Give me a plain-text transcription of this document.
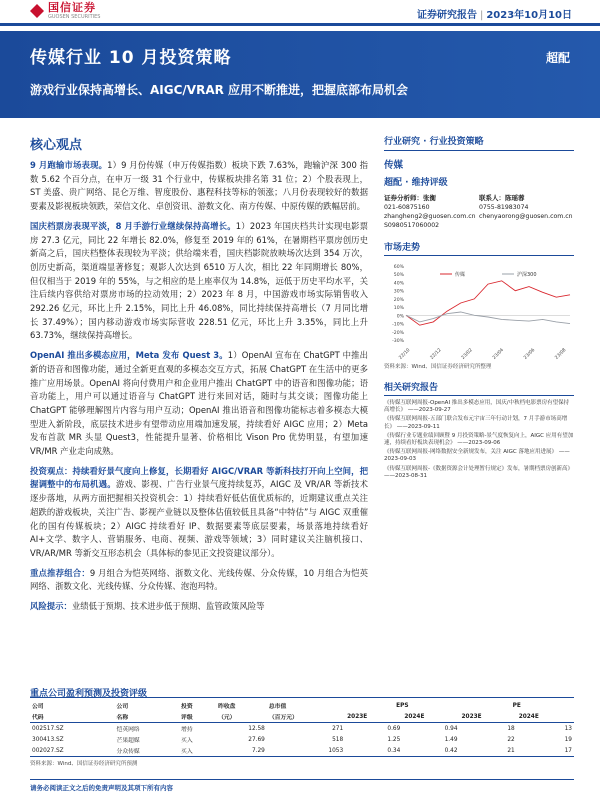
国信证券
GUOSEN SECURITIES	证券研究报告 | 2023年10月10日
传媒行业 10 月投资策略	超配
游戏行业保持高增长、AIGC/VRAR 应用不断推进，把握底部布局机会
核心观点

9 月跑输市场表现。1）9 月份传媒（申万传媒指数）板块下跌 7.63%，跑输沪深 300 指数 5.62 个百分点，在申万一级 31 个行业中，传媒板块排名第 31 位；2）个股表现上，ST 美盛、贵广网络、昆仑万维、智度股份、惠程科技等标的领涨；八月份表现较好的数据要素及影视板块领跌，荣信文化、卓创资讯、游数文化、南方传媒、中原传媒的跌幅居前。

国庆档票房表现平淡，8 月手游行业继续保持高增长。1）2023 年国庆档共计实现电影票房 27.3 亿元，同比 22 年增长 82.0%，修复至 2019 年的 61%，在暑期档平票房创历史新高之后，国庆档整体表现较为平淡；供给端来看，国庆档影院放映场次达到 354 万次，创历史新高，渠道端显著修复；观影人次达到 6510 万人次，相比 22 年同期增长 80%，但仅相当于 2019 年的 55%，与之相应的是上座率仅为 14.8%，远低于历史平均水平，关注后续内容供给对票房市场的拉动效用；2）2023 年 8 月，中国游戏市场实际销售收入 292.26 亿元，环比上升 2.15%，同比上升 46.08%，同比持续保持高增长（7 月同比增长 37.49%）；国内移动游戏市场实际营收 228.51 亿元，环比上升 3.35%，同比上升 63.73%，继续保持高增长。

OpenAI 推出多模态应用，Meta 发布 Quest 3。1）OpenAI 宣布在 ChatGPT 中推出新的语音和图像功能，通过全新更直观的多模态交互方式，拓展 ChatGPT 在生活中的更多推广应用场景。OpenAI 将向付费用户和企业用户推出 ChatGPT 中的语音和图像功能；语音功能上，用户可以通过语音与 ChatGPT 进行来回对话，随时与其交谈；图像功能上 ChatGPT 能够理解图片内容与用户互动；OpenAI 推出语音和图像功能标志着多模态大模型进入新阶段，底层技术进步有望带动应用端加速发展，持续看好 AIGC 应用；2）Meta 发布首款 MR 头显 Quest3，性能提升显著、价格相比 Vison Pro 优势明显，有望加速 VR/MR 产业走向成熟。

投资观点：持续看好景气度向上修复，长期看好 AIGC/VRAR 等新科技打开向上空间，把握调整中的布局机遇。游戏、影视、广告行业景气度持续复苏，AIGC 及 VR/AR 等新技术逐步落地，从两方面把握相关投资机会：1）持续看好低估值优质标的，近期建议重点关注超跌的游戏板块，关注广告、影视产业链以及整体估值较低且具备“中特估”与 AIGC 双重催化的国有传媒板块；2）AIGC 持续看好 IP、数据要素等底层要素，场景落地持续看好 AI+文学、数字人、营销服务、电商、视频、游戏等领域；3）同时建议关注脑机接口、VR/AR/MR 等新交互形态机会（具体标的参见正文投资建议部分）。

重点推荐组合：9 月组合为恺英网络、浙数文化、光线传媒、分众传媒，10 月组合为恺英网络、浙数文化、光线传媒、分众传媒、泡泡玛特。

风险提示：业绩低于预期、技术进步低于预期、监管政策风险等

行业研究 · 行业投资策略
传媒
超配 · 维持评级
证券分析师：张衡
021-60875160
zhangheng2@guosen.com.cn
S0980517060002
联系人：陈瑶蓉
0755-81983074
chenyaorong@guosen.com.cn
市场走势
60%
50%
40%
30%
20%
10%
0%
-10%
-20%
-30%
22/10	22/12	23/02	23/04	23/06	23/08
传媒	沪深300
资料来源：Wind、国信证券经济研究所整理
相关研究报告
《传媒互联网周报-OpenAI 推出多模态应用，国庆/中秋档电影票房有望保持高增长》 ——2023-09-27
《传媒互联网周报-五部门联合发布元宇宙三年行动计划，7 月手游市场高增长》 ——2023-09-11
《传媒行业专题业绩回顾暨 9 月投资策略-景气度恢复向上，AIGC 应用有望加速，持续看好板块表现机会》 ——2023-09-06
《传媒互联网周报-网络数据安全新规发布，关注 AIGC 落地应用进展》 ——2023-09-03
《传媒互联网周报-《数据资源会计处理暂行规定》发布，暑期档票房创新高》 ——2023-08-31
重点公司盈利预测及投资评级
公司	公司	投资	昨收盘	总市值	EPS		PE	
代码	名称	评级	（元）	（百万元）	2023E	2024E	2023E	2024E
002517.SZ	恺英网络	增持	12.58	271	0.69	0.94	18	13
300413.SZ	芒果超媒	买入	27.69	518	1.25	1.49	22	19
002027.SZ	分众传媒	买入	7.29	1053	0.34	0.42	21	17
资料来源：Wind、国信证券经济研究所预测
请务必阅读正文之后的免责声明及其项下所有内容
